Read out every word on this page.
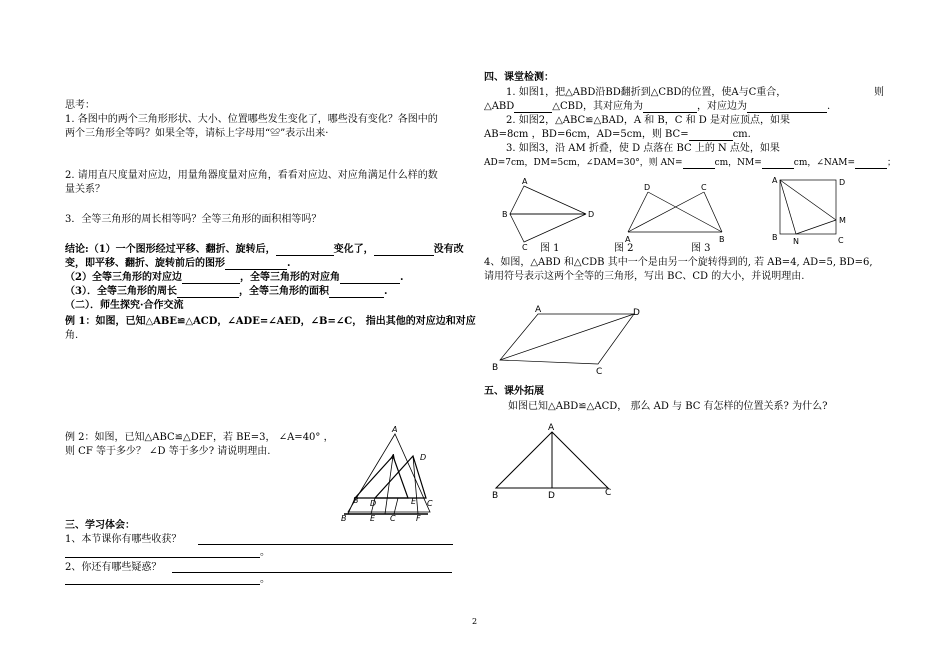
思考：
1. 各图中的两个三角形形状、大小、位置哪些发生变化了，哪些没有变化？各图中的
两个三角形全等吗？如果全等，请标上字母用“≌”表示出来·
2. 请用直尺度量对应边，用量角器度量对应角，看看对应边、对应角满足什么样的数
量关系？
3．全等三角形的周长相等吗？全等三角形的面积相等吗？
结论:（1）一个图形经过平移、翻折、旋转后，	变化了，	没有改
变，即平移、翻折、旋转前后的图形	.
（2）全等三角形的对应边	，全等三角形的对应角	.
（3）．全等三角形的周长	，全等三角形的面积	.
（二）．师生探究·合作交流
例 1：如图，已知△ABE≌△ACD，∠ADE=∠AED，∠B=∠C， 指出其他的对应边和对应
角.
例 2：如图，已知△ABC≌△DEF，若 BE=3， ∠A=40° ，
则 CF 等于多少？ ∠D 等于多少? 请说明理由.
A
A	D
B D	E C
B	E C	F
三、学习体会：
1、本节课你有哪些收获？
。
2、你还有哪些疑惑？
。
四、课堂检测：
1. 如图1，把△ABD沿BD翻折到△CBD的位置，使A与C重合，	则
△ABD	△CBD，其对应角为	，对应边为	.
2. 如图2，△ABC≌△BAD，A 和 B，C 和 D 是对应顶点，如果
AB=8cm ，BD=6cm，AD=5cm，则 BC=	cm.
3. 如图3，沿 AM 折叠，使 D 点落在 BC 上的 N 点处，如果
AD=7cm，DM=5cm，∠DAM=30°，则 AN=	cm，NM=	cm，∠NAM=	；
A
B	D
C
D	C
A	B
A	D
M
B N	C
图 1	图 2	图 3
4、如图，△ABD 和△CDB 其中一个是由另一个旋转得到的, 若 AB=4, AD=5, BD=6,
请用符号表示这两个全等的三角形，写出 BC、CD 的大小，并说明理由.
A	D
B	C
五、课外拓展
如图已知△ABD≌△ACD， 那么 AD 与 BC 有怎样的位置关系? 为什么?
A
B	D	C
2
